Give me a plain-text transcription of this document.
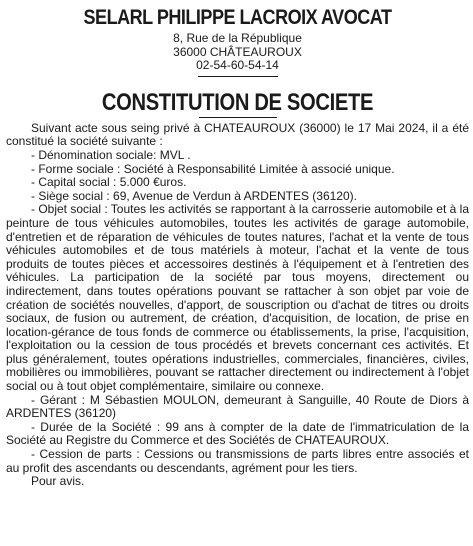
SELARL PHILIPPE LACROIX AVOCAT
8, Rue de la République
36000 CHÂTEAUROUX
02-54-60-54-14
CONSTITUTION DE SOCIETE

Suivant acte sous seing privé à CHATEAUROUX (36000) le 17 Mai 2024, il a été constitué la société suivante :

- Dénomination sociale: MVL .

- Forme sociale : Société à Responsabilité Limitée à associé unique.

- Capital social : 5.000 €uros.

- Siège social : 69, Avenue de Verdun à ARDENTES (36120).

- Objet social : Toutes les activités se rapportant à la carrosserie automobile et à la peinture de tous véhicules automobiles, toutes les activités de garage automobile, d'entretien et de réparation de véhicules de toutes natures, l'achat et la vente de tous véhicules automobiles et de tous matériels à moteur, l'achat et la vente de tous produits de toutes pièces et accessoires destinés à l'équipement et à l'entretien des véhicules. La participation de la société par tous moyens, directement ou indirectement, dans toutes opérations pouvant se rattacher à son objet par voie de création de sociétés nouvelles, d'apport, de souscription ou d'achat de titres ou droits sociaux, de fusion ou autrement, de création, d'acquisition, de location, de prise en location-gérance de tous fonds de commerce ou établissements, la prise, l'acquisition, l'exploitation ou la cession de tous procédés et brevets concernant ces activités. Et plus généralement, toutes opérations industrielles, commerciales, financières, civiles, mobilières ou immobilières, pouvant se rattacher directement ou indirectement à l'objet social ou à tout objet complémentaire, similaire ou connexe.

- Gérant : M Sébastien MOULON, demeurant à Sanguille, 40 Route de Diors à ARDENTES (36120)

- Durée de la Société : 99 ans à compter de la date de l'immatriculation de la Société au Registre du Commerce et des Sociétés de CHATEAUROUX.

- Cession de parts : Cessions ou transmissions de parts libres entre associés et au profit des ascendants ou descendants, agrément pour les tiers.

Pour avis.
